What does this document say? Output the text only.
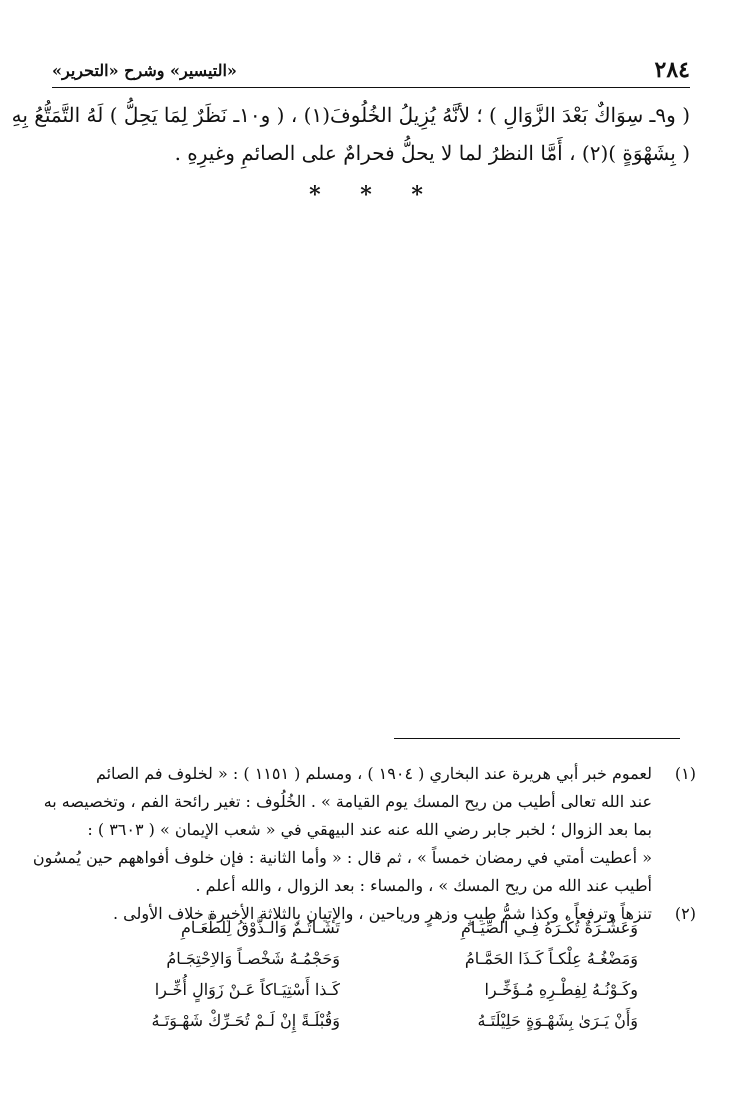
٢٨٤
«التيسير» وشرح «التحرير»
( و٩ـ سِوَاكٌ بَعْدَ الزَّوَالِ ) ؛ لأنَّهُ يُزِيلُ الخُلُوفَ(١) ، ( و١٠ـ نَظَرٌ لِمَا يَحِلُّ ) لَهُ التَّمَتُّعُ بِهِ
( بِشَهْوَةٍ )(٢) ، أَمَّا النظرُ لما لا يحلُّ فحرامٌ على الصائمِ وغيرِهِ .
* * *
(١)
لعموم خبر أبي هريرة عند البخاري ( ١٩٠٤ ) ، ومسلم ( ١١٥١ ) : « لخلوف فم الصائم
عند الله تعالى أطيب من ريح المسك يوم القيامة » . الخُلُوف : تغير رائحة الفم ، وتخصيصه به
بما بعد الزوال ؛ لخبر جابر رضي الله عنه عند البيهقي في « شعب الإيمان » ( ٣٦٠٣ ) :
« أعطيت أمتي في رمضان خمساً » ، ثم قال : « وأما الثانية : فإن خلوف أفواههم حين يُمسُون
أطيب عند الله من ريح المسك » ، والمساء : بعد الزوال ، والله أعلم .
(٢)
تنزهاً وترفعاً ، وكذا شمُّ طيبٍ وزهرٍ ورياحين ، والإتيان بالثلاثة الأخيرة خلاف الأولى .
وَعَشْـرَةٌ تُكْـرَهُ فِـي الصِّيَـامِ
تَشَـاتُـمٌ وَالـذَّوْقُ لِلطَّعَـامِ
وَمَضْغُـهُ عِلْكـاً كَـذَا الحَمَّـامُ
وَحَجْمُـهُ شَخْصـاً وَالاِحْتِجَـامُ
وكَـوْنُـهُ لِفِطْـرِهِ مُـؤَخِّـرا
كَـذا أَسْتِيَـاكاً عَـنْ زَوَالٍ أُخِّـرا
وَأَنْ يَـرَىٰ بِشَهْـوَةٍ حَلِيْلَتَـهُ
وَقُبْلَـةً إِنْ لَـمْ تُحَـرِّكْ شَهْـوَتَـهُ
